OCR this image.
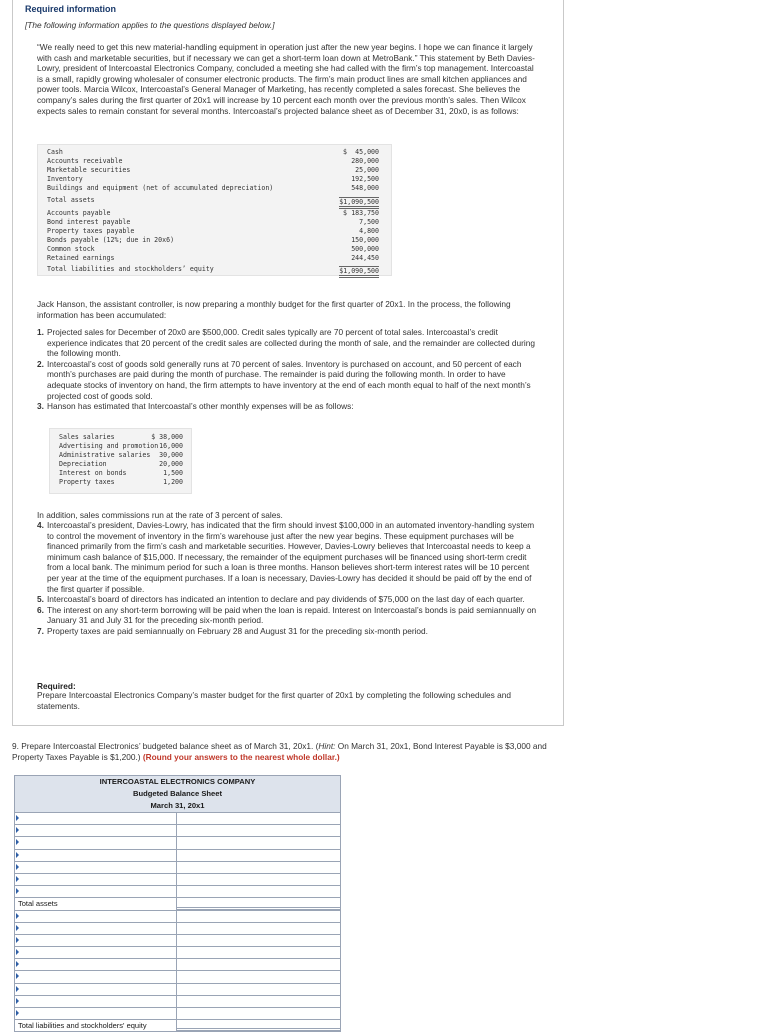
Required information
[The following information applies to the questions displayed below.]
“We really need to get this new material-handling equipment in operation just after the new year begins. I hope we can finance it largely with cash and marketable securities, but if necessary we can get a short-term loan down at MetroBank.” This statement by Beth Davies-Lowry, president of Intercoastal Electronics Company, concluded a meeting she had called with the firm’s top management. Intercoastal is a small, rapidly growing wholesaler of consumer electronic products. The firm’s main product lines are small kitchen appliances and power tools. Marcia Wilcox, Intercoastal’s General Manager of Marketing, has recently completed a sales forecast. She believes the company’s sales during the first quarter of 20x1 will increase by 10 percent each month over the previous month’s sales. Then Wilcox expects sales to remain constant for several months. Intercoastal’s projected balance sheet as of December 31, 20x0, is as follows:
Cash	$ 45,000
Accounts receivable	280,000
Marketable securities	25,000
Inventory	192,500
Buildings and equipment (net of accumulated depreciation)	548,000
Total assets	$1,090,500
Accounts payable	$ 183,750
Bond interest payable	7,500
Property taxes payable	4,800
Bonds payable (12%; due in 20x6)	150,000
Common stock	500,000
Retained earnings	244,450
Total liabilities and stockholders’ equity	$1,090,500
Jack Hanson, the assistant controller, is now preparing a monthly budget for the first quarter of 20x1. In the process, the following information has been accumulated:
1. Projected sales for December of 20x0 are $500,000. Credit sales typically are 70 percent of total sales. Intercoastal’s credit experience indicates that 20 percent of the credit sales are collected during the month of sale, and the remainder are collected during the following month.
2. Intercoastal’s cost of goods sold generally runs at 70 percent of sales. Inventory is purchased on account, and 50 percent of each month’s purchases are paid during the month of purchase. The remainder is paid during the following month. In order to have adequate stocks of inventory on hand, the firm attempts to have inventory at the end of each month equal to half of the next month’s projected cost of goods sold.
3. Hanson has estimated that Intercoastal’s other monthly expenses will be as follows:
Sales salaries	$ 38,000
Advertising and promotion 16,000
Administrative salaries 30,000
Depreciation	20,000
Interest on bonds	1,500
Property taxes	1,200
In addition, sales commissions run at the rate of 3 percent of sales.
4. Intercoastal’s president, Davies-Lowry, has indicated that the firm should invest $100,000 in an automated inventory-handling system to control the movement of inventory in the firm’s warehouse just after the new year begins. These equipment purchases will be financed primarily from the firm’s cash and marketable securities. However, Davies-Lowry believes that Intercoastal needs to keep a minimum cash balance of $15,000. If necessary, the remainder of the equipment purchases will be financed using short-term credit from a local bank. The minimum period for such a loan is three months. Hanson believes short-term interest rates will be 10 percent per year at the time of the equipment purchases. If a loan is necessary, Davies-Lowry has decided it should be paid off by the end of the first quarter if possible.
5. Intercoastal’s board of directors has indicated an intention to declare and pay dividends of $75,000 on the last day of each quarter.
6. The interest on any short-term borrowing will be paid when the loan is repaid. Interest on Intercoastal’s bonds is paid semiannually on January 31 and July 31 for the preceding six-month period.
7. Property taxes are paid semiannually on February 28 and August 31 for the preceding six-month period.
Required:
Prepare Intercoastal Electronics Company’s master budget for the first quarter of 20x1 by completing the following schedules and statements.
9. Prepare Intercoastal Electronics’ budgeted balance sheet as of March 31, 20x1. (Hint: On March 31, 20x1, Bond Interest Payable is $3,000 and Property Taxes Payable is $1,200.) (Round your answers to the nearest whole dollar.)
INTERCOASTAL ELECTRONICS COMPANY
Budgeted Balance Sheet
March 31, 20x1
Total assets
Total liabilities and stockholders' equity
